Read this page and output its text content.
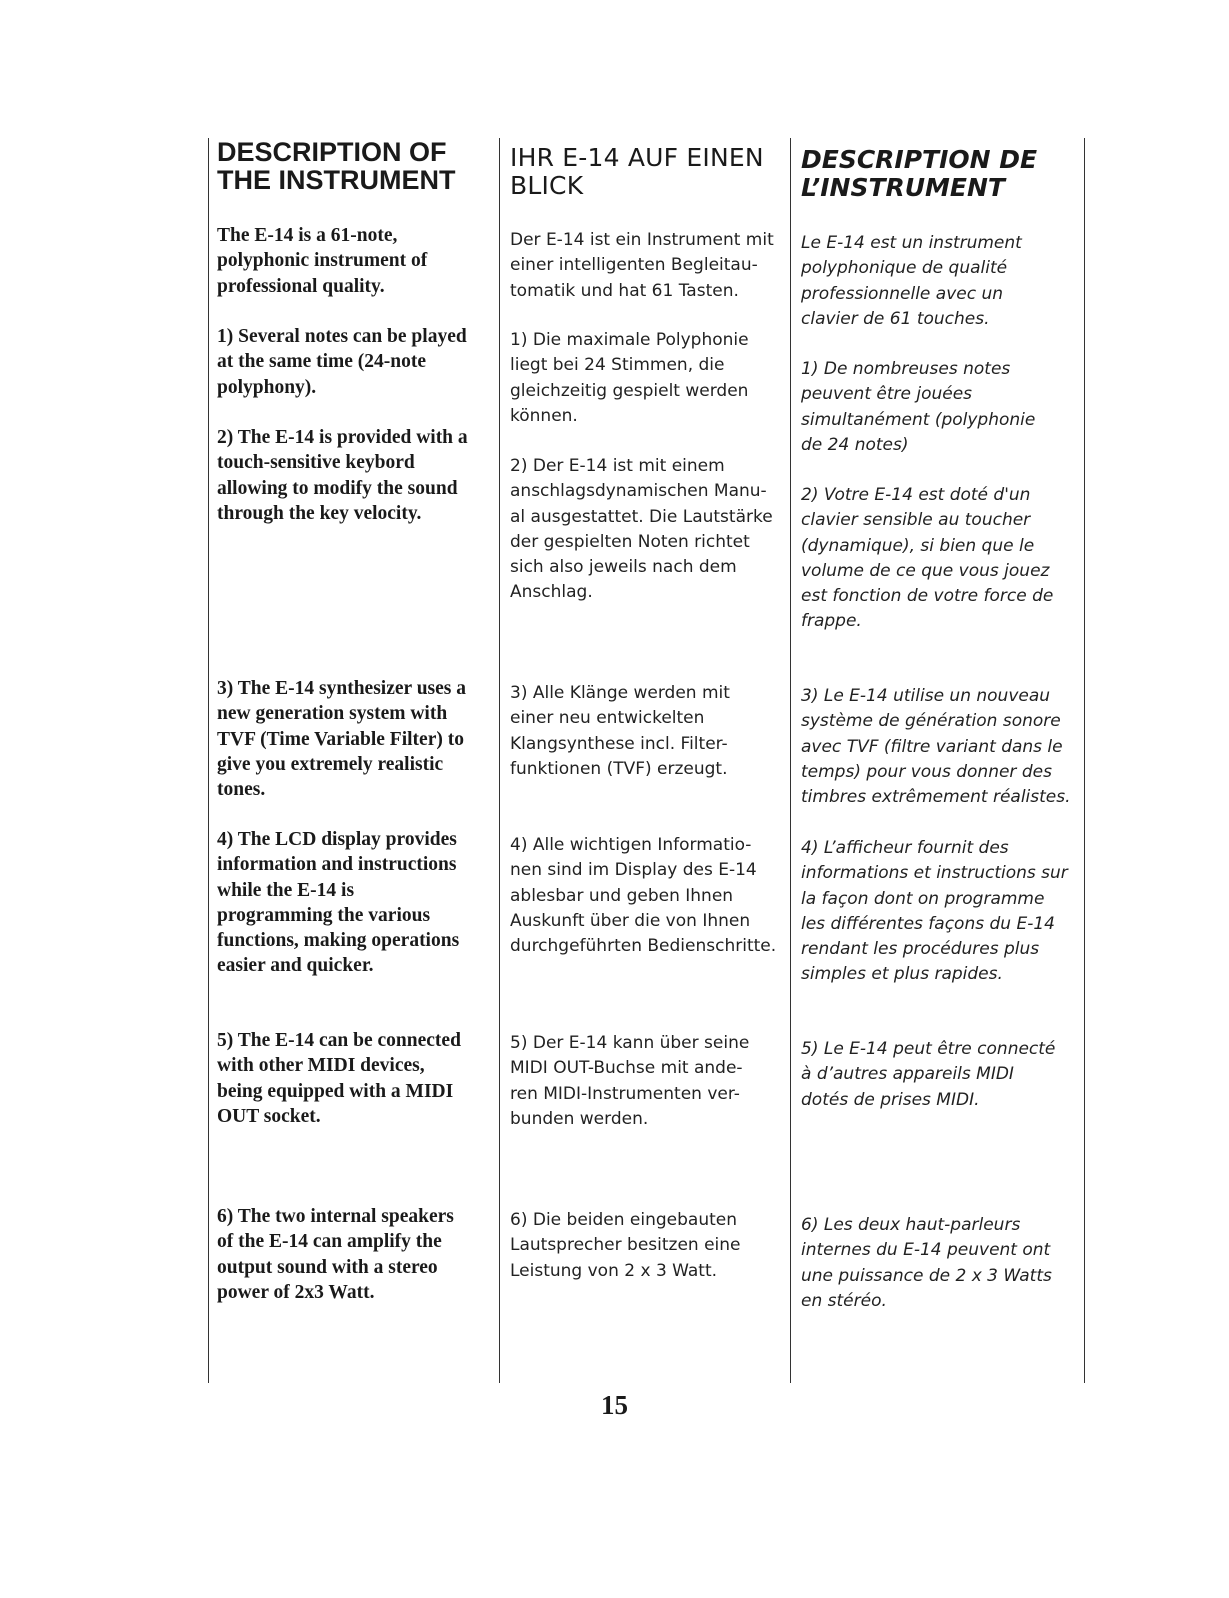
DESCRIPTION OF
THE INSTRUMENT

The E-14 is a 61-note,
polyphonic instrument of
professional quality.

1) Several notes can be played
at the same time (24-note
polyphony).

2) The E-14 is provided with a
touch-sensitive keybord
allowing to modify the sound
through the key velocity.

3) The E-14 synthesizer uses a
new generation system with
TVF (Time Variable Filter) to
give you extremely realistic
tones.

4) The LCD display provides
information and instructions
while the E-14 is
programming the various
functions, making operations
easier and quicker.

5) The E-14 can be connected
with other MIDI devices,
being equipped with a MIDI
OUT socket.

6) The two internal speakers
of the E-14 can amplify the
output sound with a stereo
power of 2x3 Watt.

IHR E-14 AUF EINEN
BLICK

Der E-14 ist ein Instrument mit
einer intelligenten Begleitau-
tomatik und hat 61 Tasten.

1) Die maximale Polyphonie
liegt bei 24 Stimmen, die
gleichzeitig gespielt werden
können.

2) Der E-14 ist mit einem
anschlagsdynamischen Manu-
al ausgestattet. Die Lautstärke
der gespielten Noten richtet
sich also jeweils nach dem
Anschlag.

3) Alle Klänge werden mit
einer neu entwickelten
Klangsynthese incl. Filter-
funktionen (TVF) erzeugt.

4) Alle wichtigen Informatio-
nen sind im Display des E-14
ablesbar und geben Ihnen
Auskunft über die von Ihnen
durchgeführten Bedienschritte.

5) Der E-14 kann über seine
MIDI OUT-Buchse mit ande-
ren MIDI-Instrumenten ver-
bunden werden.

6) Die beiden eingebauten
Lautsprecher besitzen eine
Leistung von 2 x 3 Watt.

DESCRIPTION DE
L’INSTRUMENT

Le E-14 est un instrument
polyphonique de qualité
professionnelle avec un
clavier de 61 touches.

1) De nombreuses notes
peuvent être jouées
simultanément (polyphonie
de 24 notes)

2) Votre E-14 est doté d'un
clavier sensible au toucher
(dynamique), si bien que le
volume de ce que vous jouez
est fonction de votre force de
frappe.

3) Le E-14 utilise un nouveau
système de génération sonore
avec TVF (filtre variant dans le
temps) pour vous donner des
timbres extrêmement réalistes.

4) L’afficheur fournit des
informations et instructions sur
la façon dont on programme
les différentes façons du E-14
rendant les procédures plus
simples et plus rapides.

5) Le E-14 peut être connecté
à d’autres appareils MIDI
dotés de prises MIDI.

6) Les deux haut-parleurs
internes du E-14 peuvent ont
une puissance de 2 x 3 Watts
en stéréo.

15
